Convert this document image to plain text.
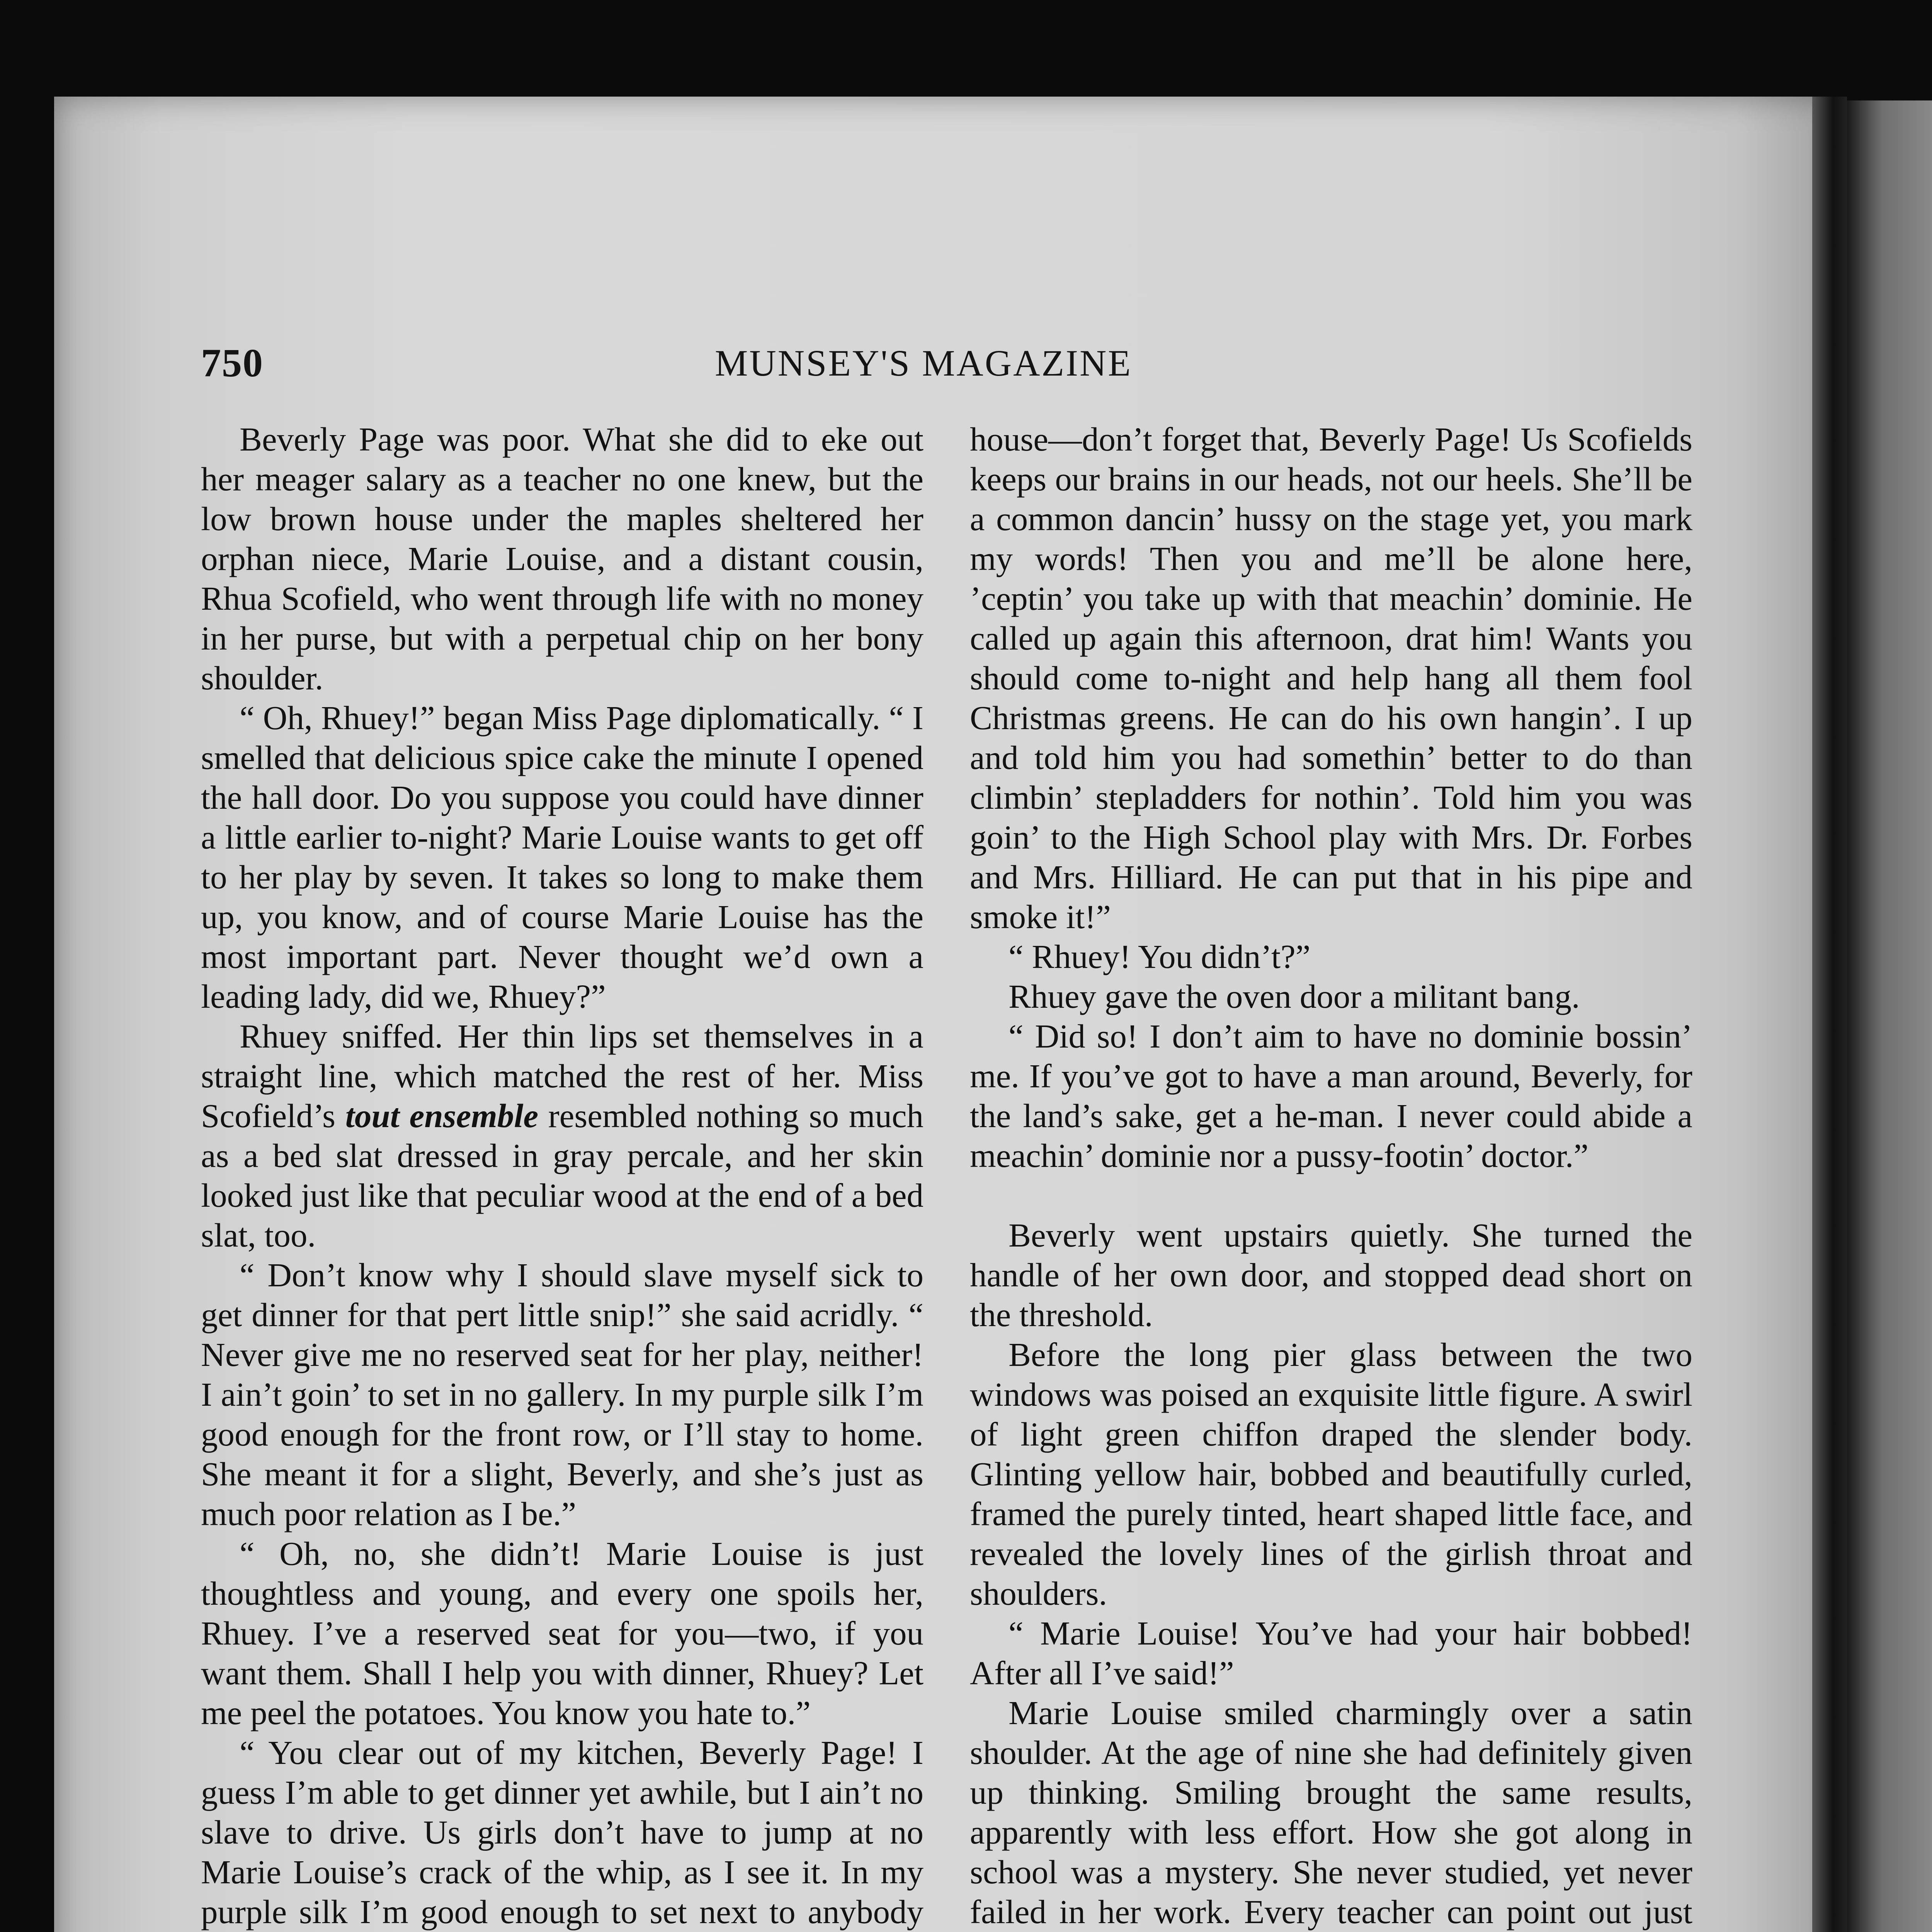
750	MUNSEY'S MAGAZINE

Beverly Page was poor. What she did to eke out her meager salary as a teacher no one knew, but the low brown house under the maples sheltered her orphan niece, Marie Louise, and a distant cousin, Rhua Scofield, who went through life with no money in her purse, but with a perpetual chip on her bony shoulder.

“ Oh, Rhuey!” began Miss Page diplomatically. “ I smelled that delicious spice cake the minute I opened the hall door. Do you suppose you could have dinner a little earlier to-night? Marie Louise wants to get off to her play by seven. It takes so long to make them up, you know, and of course Marie Louise has the most important part. Never thought we’d own a leading lady, did we, Rhuey?”

Rhuey sniffed. Her thin lips set themselves in a straight line, which matched the rest of her. Miss Scofield’s tout ensemble resembled nothing so much as a bed slat dressed in gray percale, and her skin looked just like that peculiar wood at the end of a bed slat, too.

“ Don’t know why I should slave myself sick to get dinner for that pert little snip!” she said acridly. “ Never give me no reserved seat for her play, neither! I ain’t goin’ to set in no gallery. In my purple silk I’m good enough for the front row, or I’ll stay to home. She meant it for a slight, Beverly, and she’s just as much poor relation as I be.”

“ Oh, no, she didn’t! Marie Louise is just thoughtless and young, and every one spoils her, Rhuey. I’ve a reserved seat for you—two, if you want them. Shall I help you with dinner, Rhuey? Let me peel the potatoes. You know you hate to.”

“ You clear out of my kitchen, Beverly Page! I guess I’m able to get dinner yet awhile, but I ain’t no slave to drive. Us girls don’t have to jump at no Marie Louise’s crack of the whip, as I see it. In my purple silk I’m good enough to set next to anybody

house—don’t forget that, Beverly Page! Us Scofields keeps our brains in our heads, not our heels. She’ll be a common dancin’ hussy on the stage yet, you mark my words! Then you and me’ll be alone here, ’ceptin’ you take up with that meachin’ dominie. He called up again this afternoon, drat him! Wants you should come to-night and help hang all them fool Christmas greens. He can do his own hangin’. I up and told him you had somethin’ better to do than climbin’ stepladders for nothin’. Told him you was goin’ to the High School play with Mrs. Dr. Forbes and Mrs. Hilliard. He can put that in his pipe and smoke it!”

“ Rhuey! You didn’t?”

Rhuey gave the oven door a militant bang.

“ Did so! I don’t aim to have no dominie bossin’ me. If you’ve got to have a man around, Beverly, for the land’s sake, get a he-man. I never could abide a meachin’ dominie nor a pussy-footin’ doctor.”

Beverly went upstairs quietly. She turned the handle of her own door, and stopped dead short on the threshold.

Before the long pier glass between the two windows was poised an exquisite little figure. A swirl of light green chiffon draped the slender body. Glinting yellow hair, bobbed and beautifully curled, framed the purely tinted, heart shaped little face, and revealed the lovely lines of the girlish throat and shoulders.

“ Marie Louise! You’ve had your hair bobbed! After all I’ve said!”

Marie Louise smiled charmingly over a satin shoulder. At the age of nine she had definitely given up thinking. Smiling brought the same results, apparently with less effort. How she got along in school was a mystery. She never studied, yet never failed in her work. Every teacher can point out just
